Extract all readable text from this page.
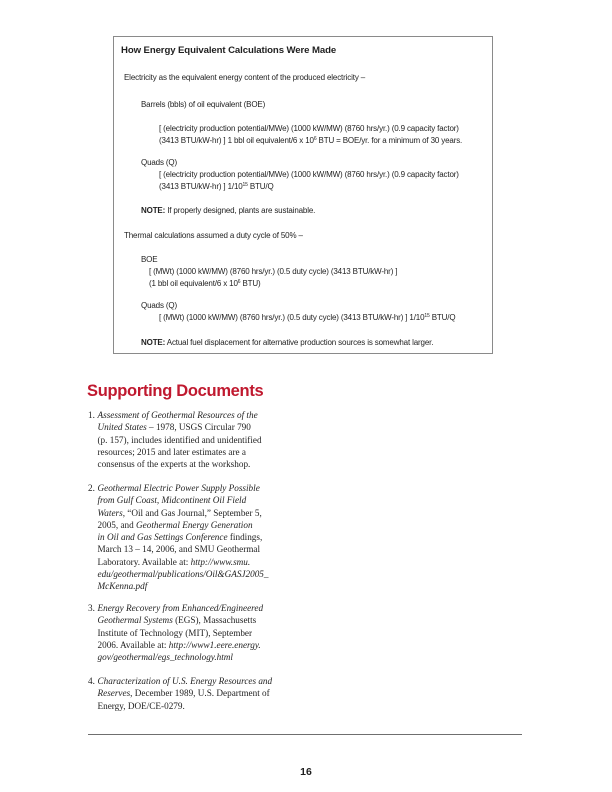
How Energy Equivalent Calculations Were Made
Electricity as the equivalent energy content of the produced electricity –
Barrels (bbls) of oil equivalent (BOE)
[ (electricity production potential/MWe) (1000 kW/MW) (8760 hrs/yr.) (0.9 capacity factor)
(3413 BTU/kW-hr) ] 1 bbl oil equivalent/6 x $10^6$ BTU = BOE/yr. for a minimum of 30 years.
Quads (Q)
[ (electricity production potential/MWe) (1000 kW/MW) (8760 hrs/yr.) (0.9 capacity factor)
(3413 BTU/kW-hr) ] $1/10^{15}$ BTU/Q
NOTE: If properly designed, plants are sustainable.
Thermal calculations assumed a duty cycle of 50% –
BOE
[ (MWt) (1000 kW/MW) (8760 hrs/yr.) (0.5 duty cycle) (3413 BTU/kW-hr) ]
(1 bbl oil equivalent/6 x $10^6$ BTU)
Quads (Q)
[ (MWt) (1000 kW/MW) (8760 hrs/yr.) (0.5 duty cycle) (3413 BTU/kW-hr) ] $1/10^{15}$ BTU/Q
NOTE: Actual fuel displacement for alternative production sources is somewhat larger.
Supporting Documents
1. Assessment of Geothermal Resources of the
United States – 1978, USGS Circular 790
(p. 157), includes identified and unidentified
resources; 2015 and later estimates are a
consensus of the experts at the workshop.
2. Geothermal Electric Power Supply Possible
from Gulf Coast, Midcontinent Oil Field
Waters, “Oil and Gas Journal,” September 5,
2005, and Geothermal Energy Generation
in Oil and Gas Settings Conference findings,
March 13 – 14, 2006, and SMU Geothermal
Laboratory. Available at: http://www.smu.
edu/geothermal/publications/Oil&GASJ2005_
McKenna.pdf
3. Energy Recovery from Enhanced/Engineered
Geothermal Systems (EGS), Massachusetts
Institute of Technology (MIT), September
2006. Available at: http://www1.eere.energy.
gov/geothermal/egs_technology.html
4. Characterization of U.S. Energy Resources and
Reserves, December 1989, U.S. Department of
Energy, DOE/CE-0279.
16
